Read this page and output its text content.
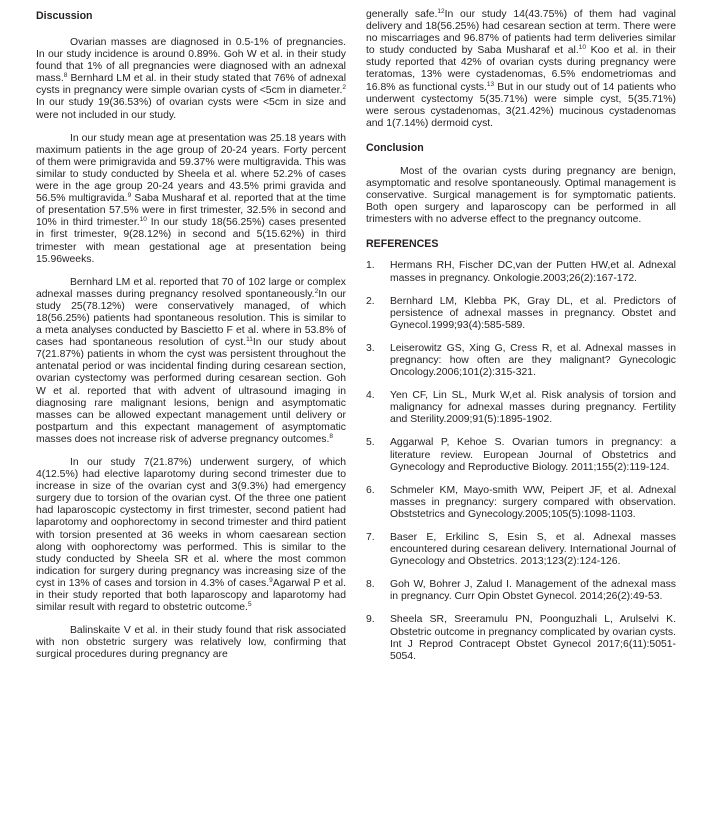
Discussion

Ovarian masses are diagnosed in 0.5-1% of pregnancies. In our study incidence is around 0.89%. Goh W et al. in their study found that 1% of all pregnancies were diagnosed with an adnexal mass.$^8$ Bernhard LM et al. in their study stated that 76% of adnexal cysts in pregnancy were simple ovarian cysts of <5cm in diameter.$^2$ In our study 19(36.53%) of ovarian cysts were <5cm in size and were not included in our study.

In our study mean age at presentation was 25.18 years with maximum patients in the age group of 20-24 years. Forty percent of them were primigravida and 59.37% were multigravida. This was similar to study conducted by Sheela et al. where 52.2% of cases were in the age group 20-24 years and 43.5% primi gravida and 56.5% multigravida.$^9$ Saba Musharaf et al. reported that at the time of presentation 57.5% were in first trimester, 32.5% in second and 10% in third trimester.$^{10}$ In our study 18(56.25%) cases presented in first trimester, 9(28.12%) in second and 5(15.62%) in third trimester with mean gestational age at presentation being 15.96weeks.

Bernhard LM et al. reported that 70 of 102 large or complex adnexal masses during pregnancy resolved spontaneously.$^2$In our study 25(78.12%) were conservatively managed, of which 18(56.25%) patients had spontaneous resolution. This is similar to a meta analyses conducted by Bascietto F et al. where in 53.8% of cases had spontaneous resolution of cyst.$^{11}$In our study about 7(21.87%) patients in whom the cyst was persistent throughout the antenatal period or was incidental finding during cesarean section, ovarian cystectomy was performed during cesarean section. Goh W et al. reported that with advent of ultrasound imaging in diagnosing rare malignant lesions, benign and asymptomatic masses can be allowed expectant management until delivery or postpartum and this expectant management of asymptomatic masses does not increase risk of adverse pregnancy outcomes.$^8$

In our study 7(21.87%) underwent surgery, of which 4(12.5%) had elective laparotomy during second trimester due to increase in size of the ovarian cyst and 3(9.3%) had emergency surgery due to torsion of the ovarian cyst. Of the three one patient had laparoscopic cystectomy in first trimester, second patient had laparotomy and oophorectomy in second trimester and third patient with torsion presented at 36 weeks in whom caesarean section along with oophorectomy was performed. This is similar to the study conducted by Sheela SR et al. where the most common indication for surgery during pregnancy was increasing size of the cyst in 13% of cases and torsion in 4.3% of cases.$^9$Agarwal P et al. in their study reported that both laparoscopy and laparotomy had similar result with regard to obstetric outcome.$^5$

Balinskaite V et al. in their study found that risk associated with non obstetric surgery was relatively low, confirming that surgical procedures during pregnancy are

generally safe.$^{12}$In our study 14(43.75%) of them had vaginal delivery and 18(56.25%) had cesarean section at term. There were no miscarriages and 96.87% of patients had term deliveries similar to study conducted by Saba Musharaf et al.$^{10}$ Koo et al. in their study reported that 42% of ovarian cysts during pregnancy were teratomas, 13% were cystadenomas, 6.5% endometriomas and 16.8% as functional cysts.$^{13}$ But in our study out of 14 patients who underwent cystectomy 5(35.71%) were simple cyst, 5(35.71%) were serous cystadenomas, 3(21.42%) mucinous cystadenomas and 1(7.14%) dermoid cyst.

Conclusion

Most of the ovarian cysts during pregnancy are benign, asymptomatic and resolve spontaneously. Optimal management is conservative. Surgical management is for symptomatic patients. Both open surgery and laparoscopy can be performed in all trimesters with no adverse effect to the pregnancy outcome.

REFERENCES
1. Hermans RH, Fischer DC,van der Putten HW,et al. Adnexal masses in pregnancy. Onkologie.2003;26(2):167-172.
2. Bernhard LM, Klebba PK, Gray DL, et al. Predictors of persistence of adnexal masses in pregnancy. Obstet and Gynecol.1999;93(4):585-589.
3. Leiserowitz GS, Xing G, Cress R, et al. Adnexal masses in pregnancy: how often are they malignant? Gynecologic Oncology.2006;101(2):315-321.
4. Yen CF, Lin SL, Murk W,et al. Risk analysis of torsion and malignancy for adnexal masses during pregnancy. Fertility and Sterility.2009;91(5):1895-1902.
5. Aggarwal P, Kehoe S. Ovarian tumors in pregnancy: a literature review. European Journal of Obstetrics and Gynecology and Reproductive Biology. 2011;155(2):119-124.
6. Schmeler KM, Mayo-smith WW, Peipert JF, et al. Adnexal masses in pregnancy: surgery compared with observation. Obststetrics and Gynecology.2005;105(5):1098-1103.
7. Baser E, Erkilinc S, Esin S, et al. Adnexal masses encountered during cesarean delivery. International Journal of Gynecology and Obstetrics. 2013;123(2):124-126.
8. Goh W, Bohrer J, Zalud I. Management of the adnexal mass in pregnancy. Curr Opin Obstet Gynecol. 2014;26(2):49-53.
9. Sheela SR, Sreeramulu PN, Poonguzhali L, Arulselvi K. Obstetric outcome in pregnancy complicated by ovarian cysts. Int J Reprod Contracept Obstet Gynecol 2017;6(11):5051-5054.
